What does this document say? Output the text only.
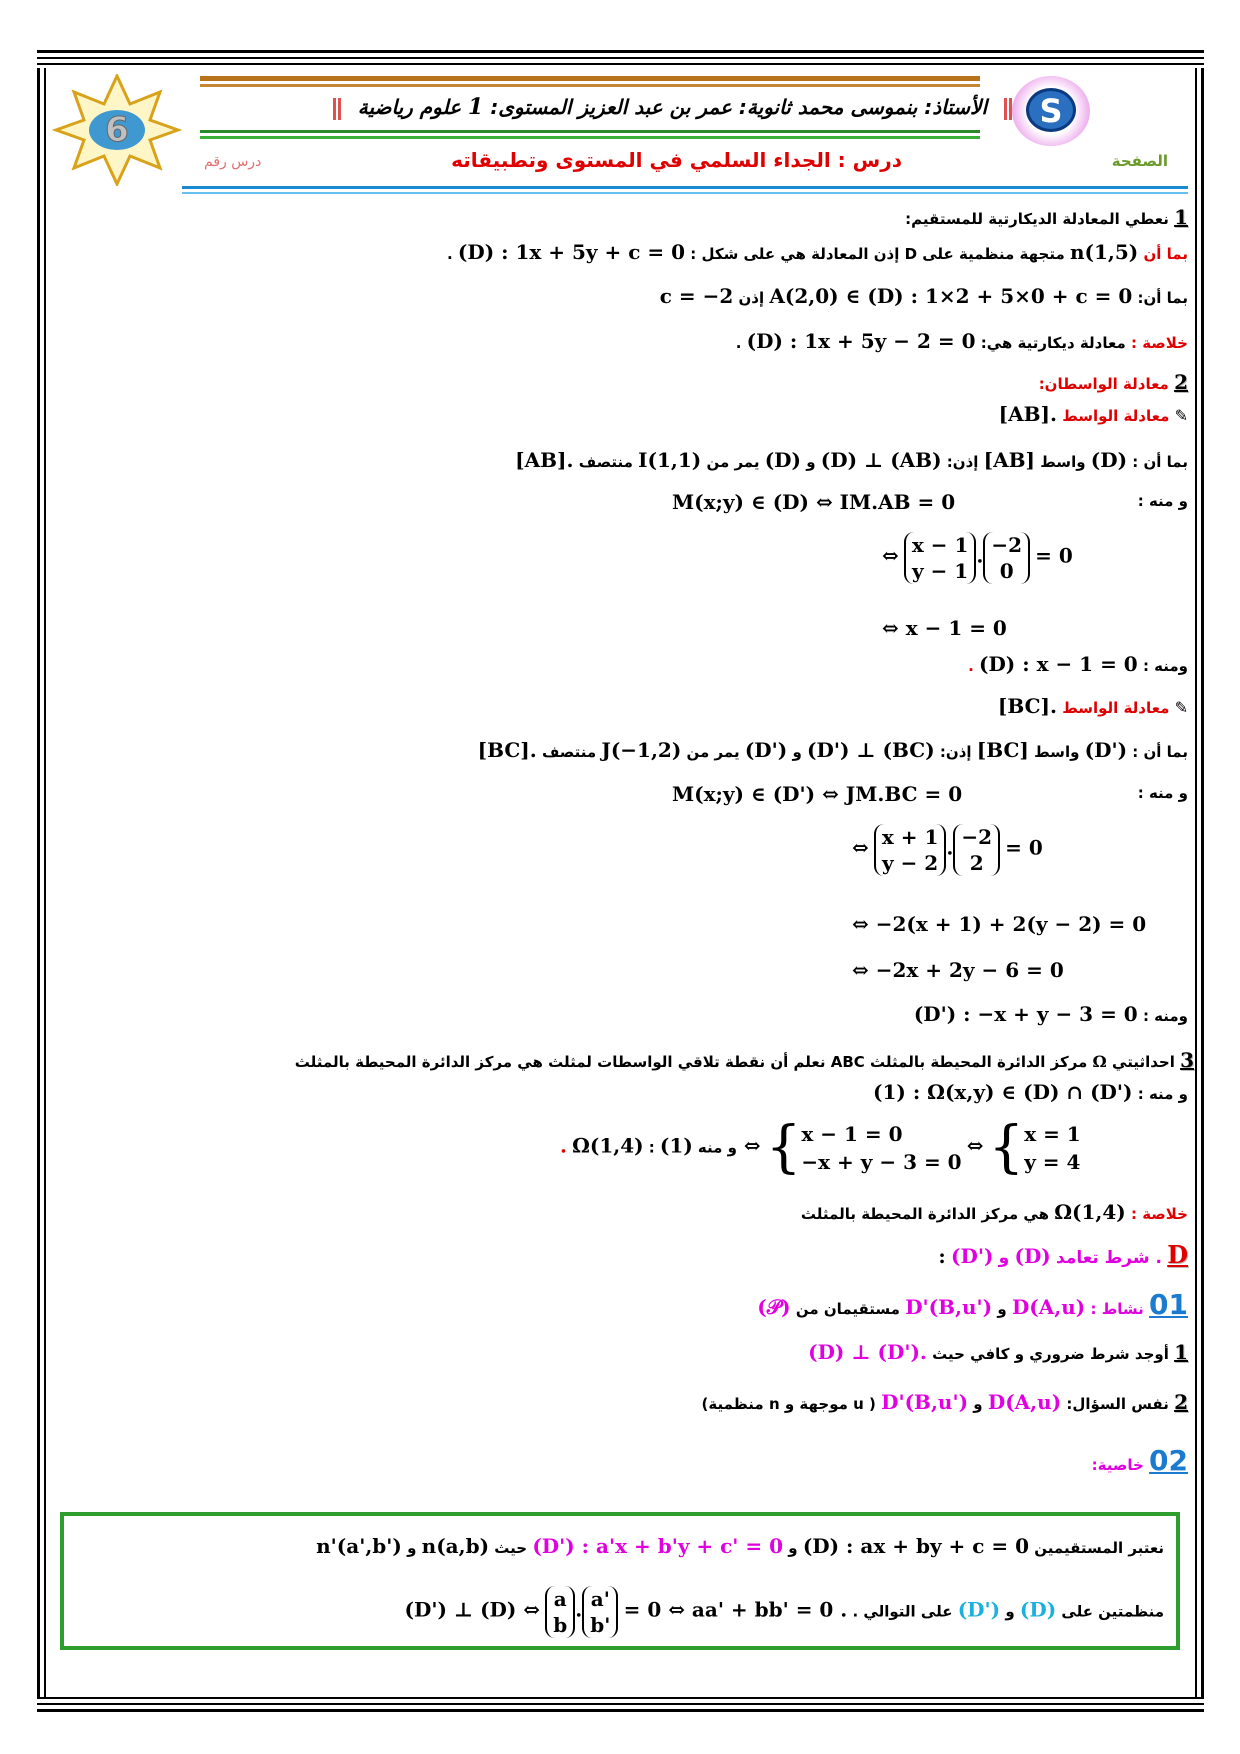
6
الأستاذ: بنموسى محمد ثانوية: عمر بن عبد العزيز المستوى: 1 علوم رياضية	S
الصفحة
درس : الجداء السلمي في المستوى وتطبيقاته
درس رقم
1 نعطي المعادلة الديكارتية للمستقيم:
بما أن n(1,5) متجهة منظمية على D إذن المعادلة هي على شكل : (D) : 1x + 5y + c = 0 .
بما أن: A(2,0) ∈ (D) : 1×2 + 5×0 + c = 0 إذن c = −2
خلاصة : معادلة ديكارتية هي: (D) : 1x + 5y − 2 = 0 .
2 معادلة الواسطان:
✎ معادلة الواسط [AB].
بما أن : (D) واسط [AB] إذن: (D) ⊥ (AB) و (D) يمر من I(1,1) منتصف [AB].
و منه :
M(x;y) ∈ (D) ⇔ IM.AB = 0
⇔ x − 1
y − 1. −2
0 = 0
⇔ x − 1 = 0
ومنه : (D) : x − 1 = 0 .
✎ معادلة الواسط [BC].
بما أن : (D') واسط [BC] إذن: (D') ⊥ (BC) و (D') يمر من J(−1,2) منتصف [BC].
و منه :
M(x;y) ∈ (D') ⇔ JM.BC = 0
⇔ x + 1
y − 2. −2
2 = 0
⇔ −2(x + 1) + 2(y − 2) = 0
⇔ −2x + 2y − 6 = 0
ومنه : (D') : −x + y − 3 = 0
3 احداثيتي Ω مركز الدائرة المحيطة بالمثلث ABC نعلم أن نقطة تلاقي الواسطات لمثلث هي مركز الدائرة المحيطة بالمثلث
و منه : (1) : Ω(x,y) ∈ (D) ∩ (D')
. Ω(1,4) : و منه (1) ⇔ {x − 1 = 0
−x + y − 3 = 0 ⇔ {x = 1
y = 4
خلاصة : Ω(1,4) هي مركز الدائرة المحيطة بالمثلث
D . شرط تعامد (D) و (D') :
01 نشاط : D(A,u) و D'(B,u') مستقيمان من (𝒫)
1 أوجد شرط ضروري و كافي حيث (D) ⊥ (D').
2 نفس السؤال: D(A,u) و D'(B,u') ( u موجهة و n منظمية)
02 خاصية:
نعتبر المستقيمين (D) : ax + by + c = 0 و (D') : a'x + b'y + c' = 0 حيث n(a,b) و n'(a',b')
منظمتين على (D) و (D') على التوالي . (D') ⊥ (D) ⇔ a
b. a'
b' = 0 ⇔ aa' + bb' = 0 .
